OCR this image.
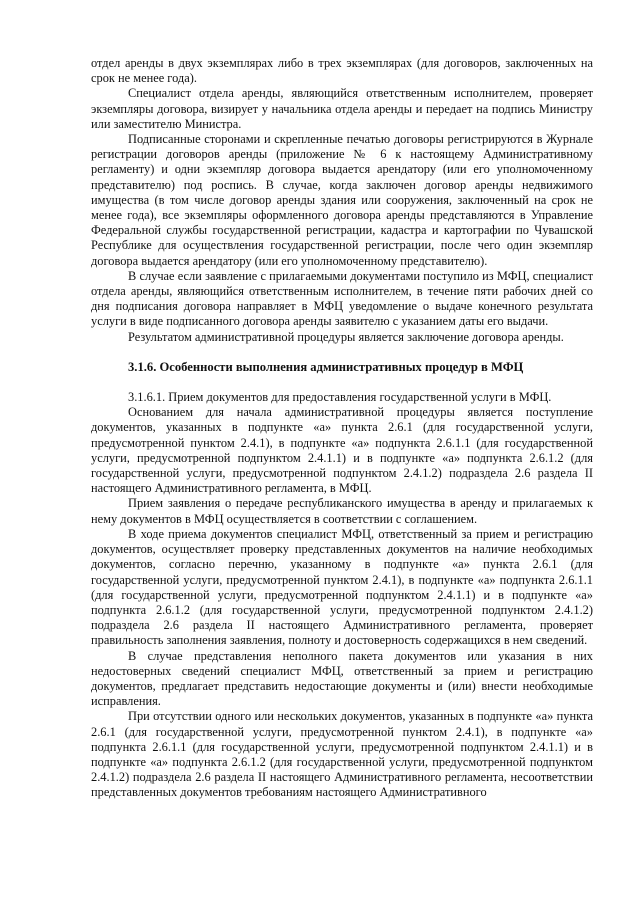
отдел аренды в двух экземплярах либо в трех экземплярах (для договоров, заключенных на срок не менее года).

Специалист отдела аренды, являющийся ответственным исполнителем, проверяет экземпляры договора, визирует у начальника отдела аренды и передает на подпись Министру или заместителю Министра.

Подписанные сторонами и скрепленные печатью договоры регистрируются в Журнале регистрации договоров аренды (приложение № 6 к настоящему Административному регламенту) и одни экземпляр договора выдается арендатору (или его уполномоченному представителю) под роспись. В случае, когда заключен договор аренды недвижимого имущества (в том числе договор аренды здания или сооружения, заключенный на срок не менее года), все экземпляры оформленного договора аренды представляются в Управление Федеральной службы государственной регистрации, кадастра и картографии по Чувашской Республике для осуществления государственной регистрации, после чего один экземпляр договора выдается арендатору (или его уполномоченному представителю).

В случае если заявление с прилагаемыми документами поступило из МФЦ, специалист отдела аренды, являющийся ответственным исполнителем, в течение пяти рабочих дней со дня подписания договора направляет в МФЦ уведомление о выдаче конечного результата услуги в виде подписанного договора аренды заявителю с указанием даты его выдачи.

Результатом административной процедуры является заключение договора аренды.

3.1.6. Особенности выполнения административных процедур в МФЦ

3.1.6.1. Прием документов для предоставления государственной услуги в МФЦ.

Основанием для начала административной процедуры является поступление документов, указанных в подпункте «а» пункта 2.6.1 (для государственной услуги, предусмотренной пунктом 2.4.1), в подпункте «а» подпункта 2.6.1.1 (для государственной услуги, предусмотренной подпунктом 2.4.1.1) и в подпункте «а» подпункта 2.6.1.2 (для государственной услуги, предусмотренной подпунктом 2.4.1.2) подраздела 2.6 раздела II настоящего Административного регламента, в МФЦ.

Прием заявления о передаче республиканского имущества в аренду и прилагаемых к нему документов в МФЦ осуществляется в соответствии с соглашением.

В ходе приема документов специалист МФЦ, ответственный за прием и регистрацию документов, осуществляет проверку представленных документов на наличие необходимых документов, согласно перечню, указанному в подпункте «а» пункта 2.6.1 (для государственной услуги, предусмотренной пунктом 2.4.1), в подпункте «а» подпункта 2.6.1.1 (для государственной услуги, предусмотренной подпунктом 2.4.1.1) и в подпункте «а» подпункта 2.6.1.2 (для государственной услуги, предусмотренной подпунктом 2.4.1.2) подраздела 2.6 раздела II настоящего Административного регламента, проверяет правильность заполнения заявления, полноту и достоверность содержащихся в нем сведений.

В случае представления неполного пакета документов или указания в них недостоверных сведений специалист МФЦ, ответственный за прием и регистрацию документов, предлагает представить недостающие документы и (или) внести необходимые исправления.

При отсутствии одного или нескольких документов, указанных в подпункте «а» пункта 2.6.1 (для государственной услуги, предусмотренной пунктом 2.4.1), в подпункте «а» подпункта 2.6.1.1 (для государственной услуги, предусмотренной подпунктом 2.4.1.1) и в подпункте «а» подпункта 2.6.1.2 (для государственной услуги, предусмотренной подпунктом 2.4.1.2) подраздела 2.6 раздела II настоящего Административного регламента, несоответствии представленных документов требованиям настоящего Административного
